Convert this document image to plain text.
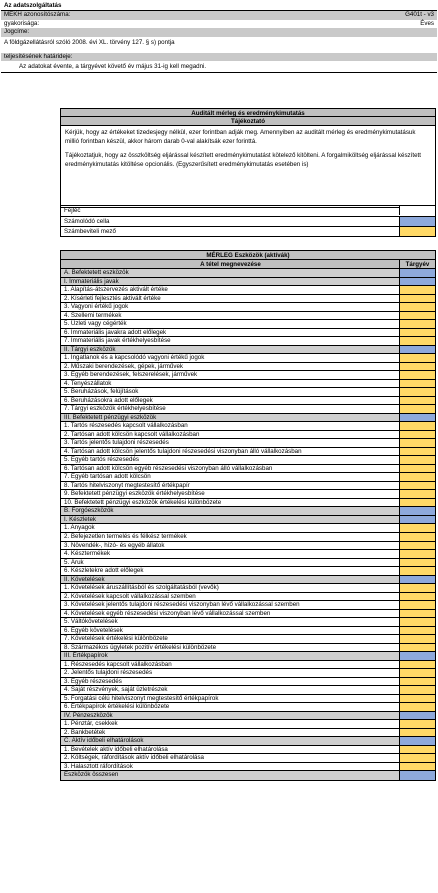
Az adatszolgáltatás
MEKH azonosítószáma:	G401t - v3
gyakorisága:	Éves
Jogcíme:
A földgázellátásról szóló 2008. évi XL. törvény 127. § s) pontja
teljesítésének határideje:
Az adatokat évente, a tárgyévet követő év május 31-ig kell megadni.
Auditált mérleg és eredménykimutatás
Tájékoztató

Kérjük, hogy az értékeket tizedesjegy nélkül, ezer forintban adják meg. Amennyiben az auditált mérleg és eredménykimutatásuk millió forintban készül, akkor három darab 0-val alakítsák ezer forinttá.

Tájékoztatjuk, hogy az összköltség eljárással készített eredménykimutatást kötelező kitölteni. A forgalmiköltség eljárással készített eredménykimutatás kitöltése opcionális. (Egyszerűsített eredménykimutatás esetében is)

Fejléc
Számolódó cella
Számbeviteli mező
MÉRLEG Eszközök (aktívák)
A tétel megnevezése	Tárgyév
A. Befektetett eszközök
I. Immateriális javak
1. Alapítás-átszervezés aktivált értéke
2. Kísérleti fejlesztés aktivált értéke
3. Vagyoni értékű jogok
4. Szellemi termékek
5. Üzleti vagy cégérték
6. Immateriális javakra adott előlegek
7. Immateriális javak értékhelyesbítése
II. Tárgyi eszközök
1. Ingatlanok és a kapcsolódó vagyoni értékű jogok
2. Műszaki berendezések, gépek, járművek
3. Egyéb berendezések, felszerelések, járművek
4. Tenyészállatok
5. Beruházások, felújítások
6. Beruházásokra adott előlegek
7. Tárgyi eszközök értékhelyesbítése
III. Befektetett pénzügyi eszközök
1. Tartós részesedés kapcsolt vállalkozásban
2. Tartósan adott kölcsön kapcsolt vállalkozásban
3. Tartós jelentős tulajdoni részesedés
4. Tartósan adott kölcsön jelentős tulajdoni részesedési viszonyban álló vállalkozásban
5. Egyéb tartós részesedés
6. Tartósan adott kölcsön egyéb részesedési viszonyban álló vállalkozásban
7. Egyéb tartósan adott kölcsön
8. Tartós hitelviszonyt megtestesítő értékpapír
9. Befektetett pénzügyi eszközök értékhelyesbítése
10. Befektetett pénzügyi eszközök értékelési különbözete
B. Forgóeszközök
I. Készletek
1. Anyagok
2. Befejezetlen termelés és félkész termékek
3. Növendék-, hízó- és egyéb állatok
4. Késztermékek
5. Áruk
6. Készletekre adott előlegek
II. Követelések
1. Követelések áruszállításból és szolgáltatásból (vevők)
2. Követelések kapcsolt vállalkozással szemben
3. Követelések jelentős tulajdoni részesedési viszonyban lévő vállalkozással szemben
4. Követelések egyéb részesedési viszonyban lévő vállalkozással szemben
5. Váltókövetelések
6. Egyéb követelések
7. Követelések értékelési különbözete
8. Származékos ügyletek pozitív értékelési különbözete
III. Értékpapírok
1. Részesedés kapcsolt vállalkozásban
2. Jelentős tulajdoni részesedés
3. Egyéb részesedés
4. Saját részvények, saját üzletrészek
5. Forgatási célú hitelviszonyt megtestesítő értékpapírok
6. Értékpapírok értékelési különbözete
IV. Pénzeszközök
1. Pénztár, csekkek
2. Bankbetétek
C. Aktív időbeli elhatárolások
1. Bevételek aktív időbeli elhatárolása
2. Költségek, ráfordítások aktív időbeli elhatárolása
3. Halasztott ráfordítások
Eszközök összesen
